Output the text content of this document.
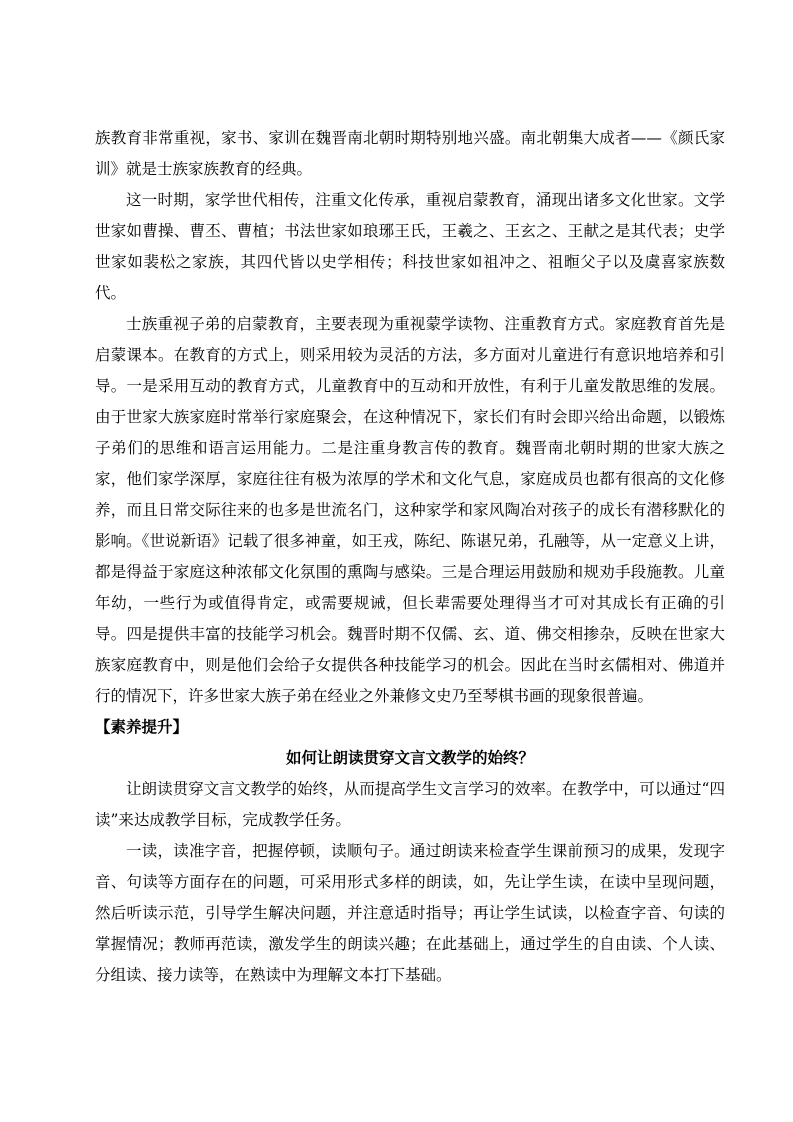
族教育非常重视，家书、家训在魏晋南北朝时期特别地兴盛。南北朝集大成者——《颜氏家训》就是士族家族教育的经典。

这一时期，家学世代相传，注重文化传承，重视启蒙教育，涌现出诸多文化世家。文学世家如曹操、曹丕、曹植；书法世家如琅琊王氏，王羲之、王玄之、王献之是其代表；史学世家如裴松之家族，其四代皆以史学相传；科技世家如祖冲之、祖暅父子以及虞喜家族数代。

士族重视子弟的启蒙教育，主要表现为重视蒙学读物、注重教育方式。家庭教育首先是启蒙课本。在教育的方式上，则采用较为灵活的方法，多方面对儿童进行有意识地培养和引导。一是采用互动的教育方式，儿童教育中的互动和开放性，有利于儿童发散思维的发展。由于世家大族家庭时常举行家庭聚会，在这种情况下，家长们有时会即兴给出命题，以锻炼子弟们的思维和语言运用能力。二是注重身教言传的教育。魏晋南北朝时期的世家大族之家，他们家学深厚，家庭往往有极为浓厚的学术和文化气息，家庭成员也都有很高的文化修养，而且日常交际往来的也多是世流名门，这种家学和家风陶冶对孩子的成长有潜移默化的影响。《世说新语》记载了很多神童，如王戎，陈纪、陈谌兄弟，孔融等，从一定意义上讲，都是得益于家庭这种浓郁文化氛围的熏陶与感染。三是合理运用鼓励和规劝手段施教。儿童年幼，一些行为或值得肯定，或需要规诫，但长辈需要处理得当才可对其成长有正确的引导。四是提供丰富的技能学习机会。魏晋时期不仅儒、玄、道、佛交相掺杂，反映在世家大族家庭教育中，则是他们会给子女提供各种技能学习的机会。因此在当时玄儒相对、佛道并行的情况下，许多世家大族子弟在经业之外兼修文史乃至琴棋书画的现象很普遍。

【素养提升】

如何让朗读贯穿文言文教学的始终？

让朗读贯穿文言文教学的始终，从而提高学生文言学习的效率。在教学中，可以通过“四读”来达成教学目标，完成教学任务。

一读，读准字音，把握停顿，读顺句子。通过朗读来检查学生课前预习的成果，发现字音、句读等方面存在的问题，可采用形式多样的朗读，如，先让学生读，在读中呈现问题，然后听读示范，引导学生解决问题，并注意适时指导；再让学生试读，以检查字音、句读的掌握情况；教师再范读，激发学生的朗读兴趣；在此基础上，通过学生的自由读、个人读、分组读、接力读等，在熟读中为理解文本打下基础。
